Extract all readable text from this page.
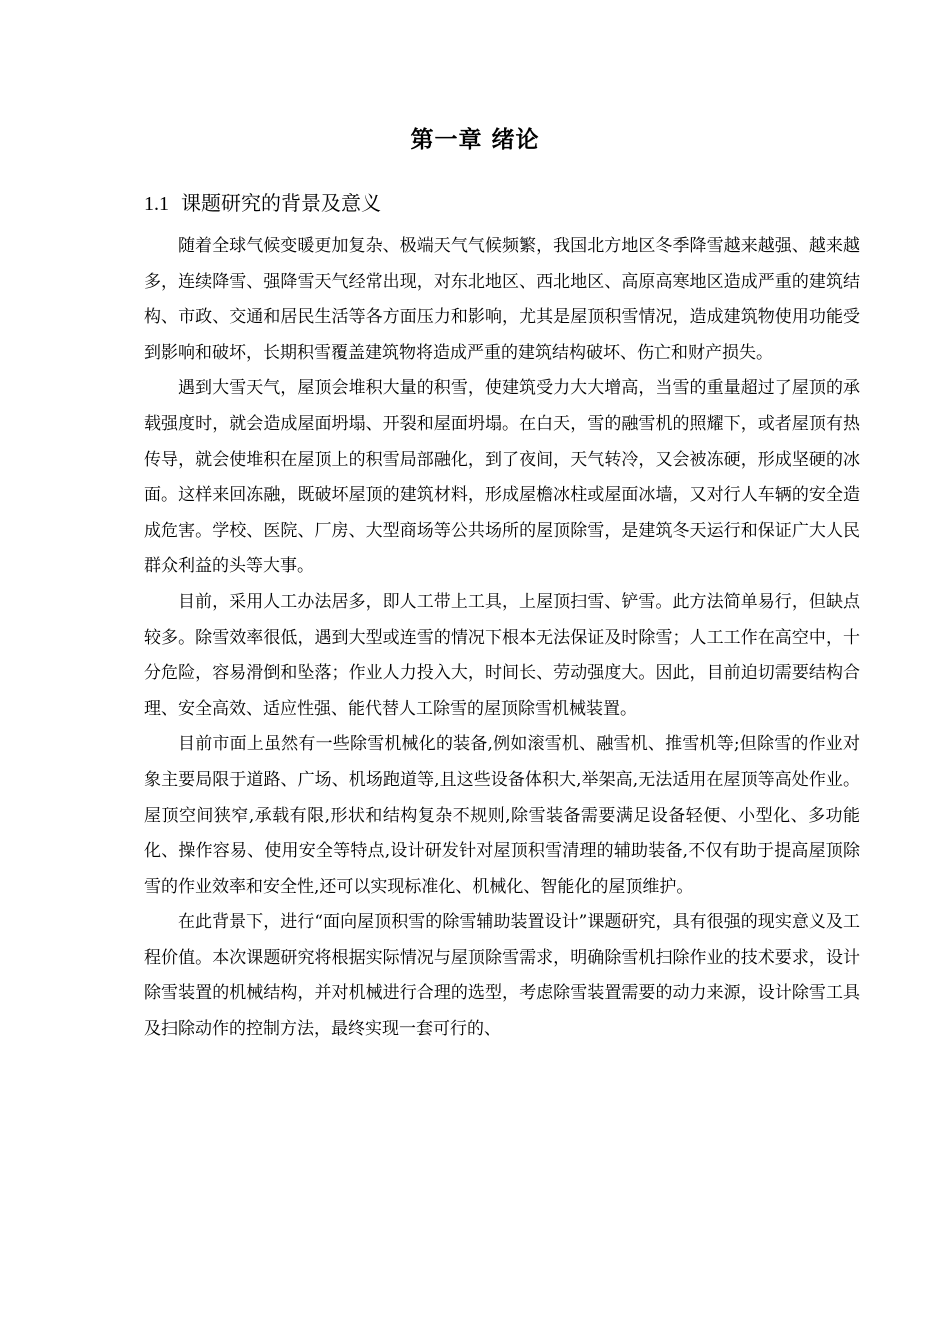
第一章 绪论
1.1 课题研究的背景及意义

随着全球气候变暖更加复杂、极端天气气候频繁，我国北方地区冬季降雪越来越强、越来越多，连续降雪、强降雪天气经常出现，对东北地区、西北地区、高原高寒地区造成严重的建筑结构、市政、交通和居民生活等各方面压力和影响，尤其是屋顶积雪情况，造成建筑物使用功能受到影响和破坏，长期积雪覆盖建筑物将造成严重的建筑结构破坏、伤亡和财产损失。

遇到大雪天气，屋顶会堆积大量的积雪，使建筑受力大大增高，当雪的重量超过了屋顶的承载强度时，就会造成屋面坍塌、开裂和屋面坍塌。在白天，雪的融雪机的照耀下，或者屋顶有热传导，就会使堆积在屋顶上的积雪局部融化，到了夜间，天气转冷，又会被冻硬，形成坚硬的冰面。这样来回冻融，既破坏屋顶的建筑材料，形成屋檐冰柱或屋面冰墙，又对行人车辆的安全造成危害。学校、医院、厂房、大型商场等公共场所的屋顶除雪，是建筑冬天运行和保证广大人民群众利益的头等大事。

目前，采用人工办法居多，即人工带上工具，上屋顶扫雪、铲雪。此方法简单易行，但缺点较多。除雪效率很低，遇到大型或连雪的情况下根本无法保证及时除雪；人工工作在高空中，十分危险，容易滑倒和坠落；作业人力投入大，时间长、劳动强度大。因此，目前迫切需要结构合理、安全高效、适应性强、能代替人工除雪的屋顶除雪机械装置。

目前市面上虽然有一些除雪机械化的装备,例如滚雪机、融雪机、推雪机等;但除雪的作业对象主要局限于道路、广场、机场跑道等,且这些设备体积大,举架高,无法适用在屋顶等高处作业。屋顶空间狭窄,承载有限,形状和结构复杂不规则,除雪装备需要满足设备轻便、小型化、多功能化、操作容易、使用安全等特点,设计研发针对屋顶积雪清理的辅助装备,不仅有助于提高屋顶除雪的作业效率和安全性,还可以实现标准化、机械化、智能化的屋顶维护。

在此背景下，进行“面向屋顶积雪的除雪辅助装置设计”课题研究，具有很强的现实意义及工程价值。本次课题研究将根据实际情况与屋顶除雪需求，明确除雪机扫除作业的技术要求，设计除雪装置的机械结构，并对机械进行合理的选型，考虑除雪装置需要的动力来源，设计除雪工具及扫除动作的控制方法，最终实现一套可行的、
